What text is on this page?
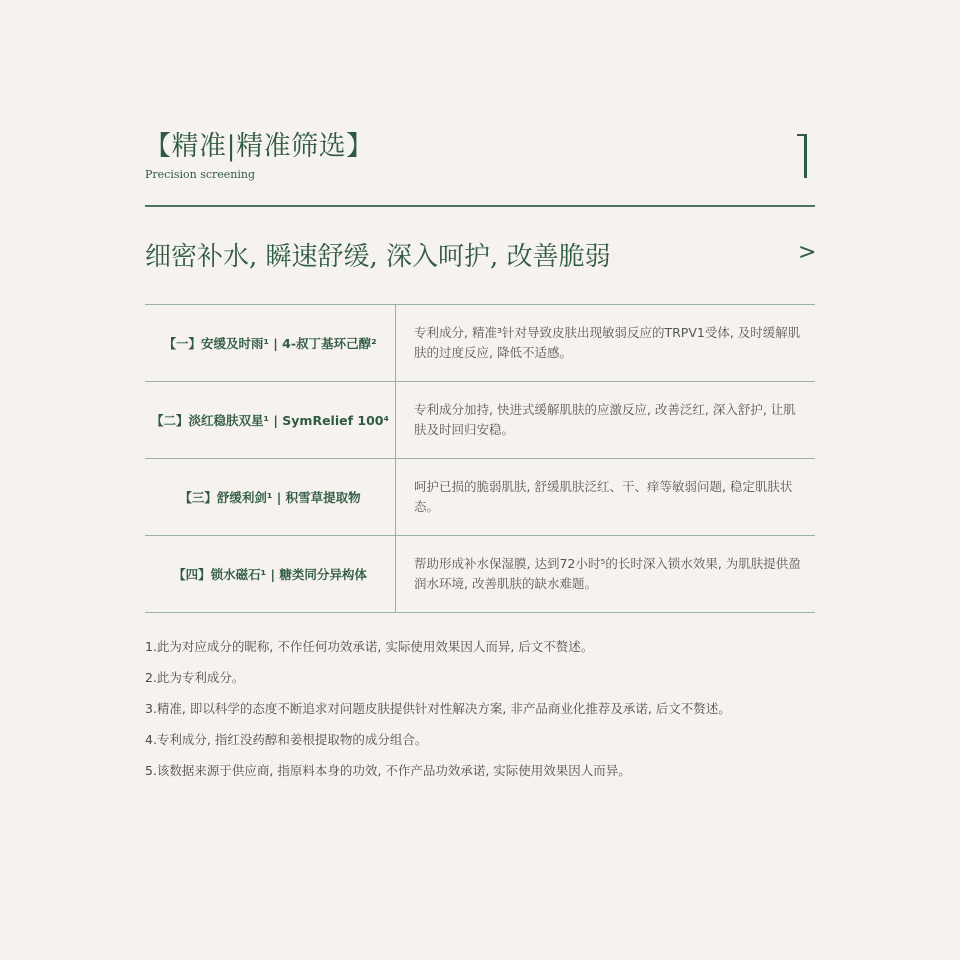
【精准|精准筛选】
Precision screening
细密补水, 瞬速舒缓, 深入呵护, 改善脆弱	>
【一】安缓及时雨¹ | 4-叔丁基环己醇²
专利成分, 精准³针对导致皮肤出现敏弱反应的TRPV1受体, 及时缓解肌肤的过度反应, 降低不适感。
【二】淡红稳肤双星¹ | SymRelief 100⁴
专利成分加持, 快进式缓解肌肤的应激反应, 改善泛红, 深入舒护, 让肌肤及时回归安稳。
【三】舒缓利剑¹ | 积雪草提取物
呵护已损的脆弱肌肤, 舒缓肌肤泛红、干、痒等敏弱问题, 稳定肌肤状态。
【四】锁水磁石¹ | 糖类同分异构体
帮助形成补水保湿膜, 达到72小时⁵的长时深入锁水效果, 为肌肤提供盈润水环境, 改善肌肤的缺水难题。
1.此为对应成分的昵称, 不作任何功效承诺, 实际使用效果因人而异, 后文不赘述。
2.此为专利成分。
3.精准, 即以科学的态度不断追求对问题皮肤提供针对性解决方案, 非产品商业化推荐及承诺, 后文不赘述。
4.专利成分, 指红没药醇和姜根提取物的成分组合。
5.该数据来源于供应商, 指原料本身的功效, 不作产品功效承诺, 实际使用效果因人而异。
